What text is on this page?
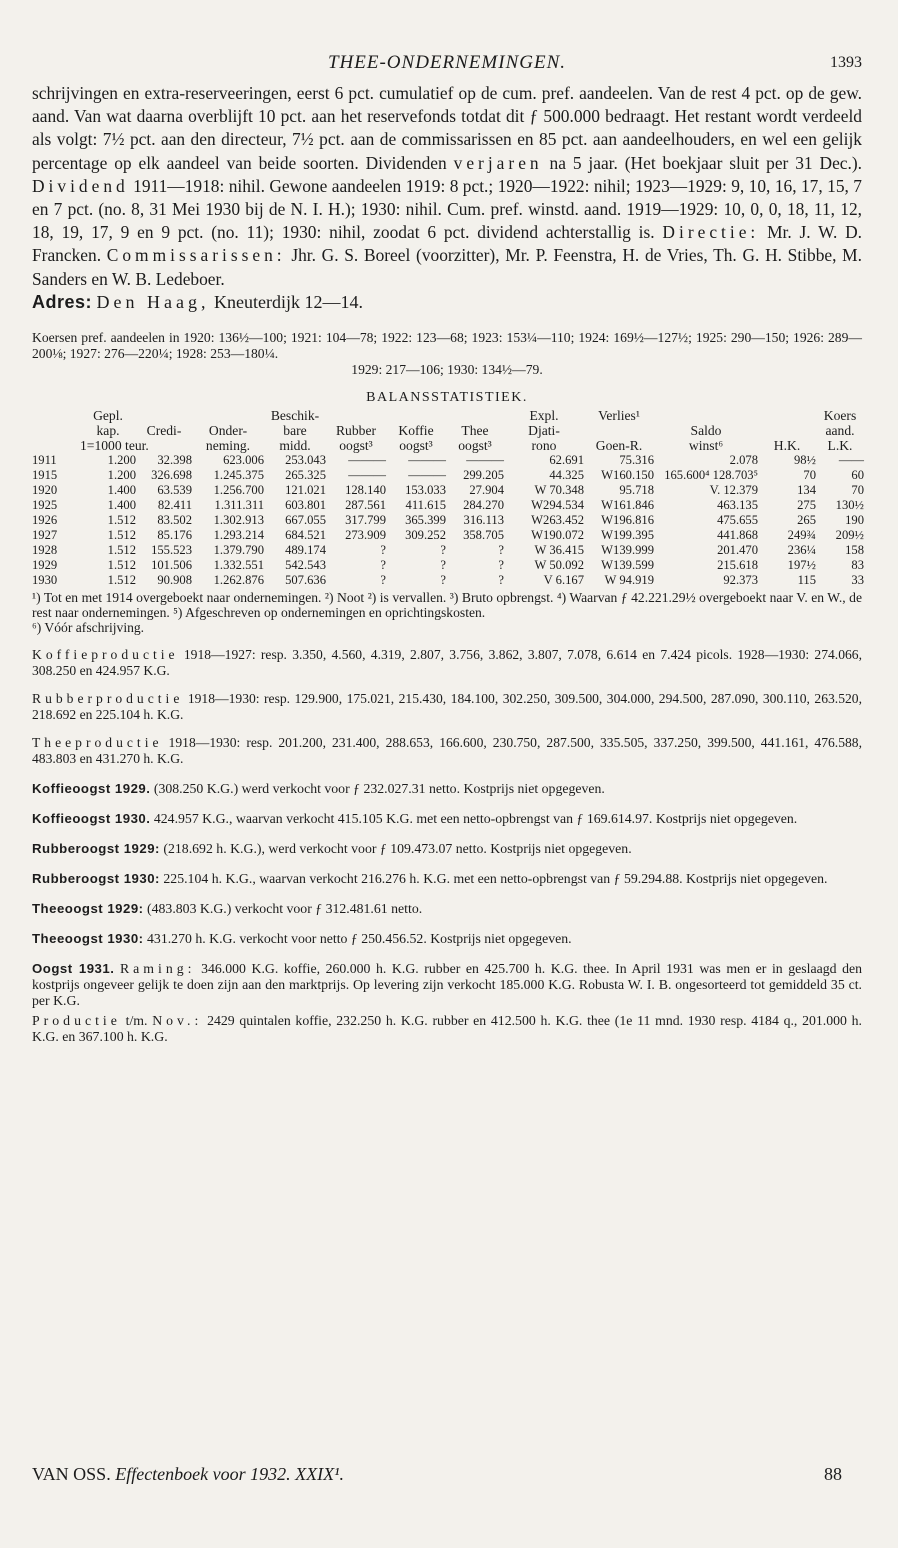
THEE-ONDERNEMINGEN.	1393

schrijvingen en extra-reserveeringen, eerst 6 pct. cumulatief op de cum. pref. aandeelen. Van de rest 4 pct. op de gew. aand. Van wat daarna overblijft 10 pct. aan het reservefonds totdat dit ƒ 500.000 bedraagt. Het restant wordt verdeeld als volgt: 7½ pct. aan den directeur, 7½ pct. aan de commissarissen en 85 pct. aan aandeelhouders, en wel een gelijk percentage op elk aandeel van beide soorten. Dividenden verjaren na 5 jaar. (Het boekjaar sluit per 31 Dec.). Dividend 1911—1918: nihil. Gewone aandeelen 1919: 8 pct.; 1920—1922: nihil; 1923—1929: 9, 10, 16, 17, 15, 7 en 7 pct. (no. 8, 31 Mei 1930 bij de N. I. H.); 1930: nihil. Cum. pref. winstd. aand. 1919—1929: 10, 0, 0, 18, 11, 12, 18, 19, 17, 9 en 9 pct. (no. 11); 1930: nihil, zoodat 6 pct. dividend achterstallig is. Directie: Mr. J. W. D. Francken. Commissarissen: Jhr. G. S. Boreel (voorzitter), Mr. P. Feenstra, H. de Vries, Th. G. H. Stibbe, M. Sanders en W. B. Ledeboer.

Adres: Den Haag, Kneuterdijk 12—14.

Koersen pref. aandeelen in 1920: 136½—100; 1921: 104—78; 1922: 123—68; 1923: 153¼—110; 1924: 169½—127½; 1925: 290—150; 1926: 289—200⅛; 1927: 276—220¼; 1928: 253—180¼.
1929: 217—106; 1930: 134½—79.
BALANSSTATISTIEK.
	Gepl.			Beschik-				Expl.	Verlies¹			Koers
	kap.	Credi-	Onder-	bare	Rubber	Koffie	Thee	Djati-		Saldo		aand.
	1=1000 teur.		neming.	midd.	oogst³	oogst³	oogst³	rono	Goen-R.	winst⁶	H.K.	L.K.
1911	1.200	32.398	623.006	253.043	———	———	———	62.691	75.316	2.078	98½	——
1915	1.200	326.698	1.245.375	265.325	———	———	299.205	44.325	W160.150	165.600⁴ 128.703⁵	70	60
1920	1.400	63.539	1.256.700	121.021	128.140	153.033	27.904	W 70.348	95.718	V. 12.379	134	70
1925	1.400	82.411	1.311.311	603.801	287.561	411.615	284.270	W294.534	W161.846	463.135	275	130½
1926	1.512	83.502	1.302.913	667.055	317.799	365.399	316.113	W263.452	W196.816	475.655	265	190
1927	1.512	85.176	1.293.214	684.521	273.909	309.252	358.705	W190.072	W199.395	441.868	249¾	209½
1928	1.512	155.523	1.379.790	489.174	?	?	?	W 36.415	W139.999	201.470	236¼	158
1929	1.512	101.506	1.332.551	542.543	?	?	?	W 50.092	W139.599	215.618	197½	83
1930	1.512	90.908	1.262.876	507.636	?	?	?	V 6.167	W 94.919	92.373	115	33

¹) Tot en met 1914 overgeboekt naar ondernemingen. ²) Noot ²) is vervallen. ³) Bruto opbrengst. ⁴) Waarvan ƒ 42.221.29½ overgeboekt naar V. en W., de rest naar ondernemingen. ⁵) Afgeschreven op ondernemingen en oprichtingskosten.

⁶) Vóór afschrijving.

Koffieproductie 1918—1927: resp. 3.350, 4.560, 4.319, 2.807, 3.756, 3.862, 3.807, 7.078, 6.614 en 7.424 picols. 1928—1930: 274.066, 308.250 en 424.957 K.G.

Rubberproductie 1918—1930: resp. 129.900, 175.021, 215.430, 184.100, 302.250, 309.500, 304.000, 294.500, 287.090, 300.110, 263.520, 218.692 en 225.104 h. K.G.

Theeproductie 1918—1930: resp. 201.200, 231.400, 288.653, 166.600, 230.750, 287.500, 335.505, 337.250, 399.500, 441.161, 476.588, 483.803 en 431.270 h. K.G.

Koffieoogst 1929. (308.250 K.G.) werd verkocht voor ƒ 232.027.31 netto. Kostprijs niet opgegeven.

Koffieoogst 1930. 424.957 K.G., waarvan verkocht 415.105 K.G. met een netto-opbrengst van ƒ 169.614.97. Kostprijs niet opgegeven.

Rubberoogst 1929: (218.692 h. K.G.), werd verkocht voor ƒ 109.473.07 netto. Kostprijs niet opgegeven.

Rubberoogst 1930: 225.104 h. K.G., waarvan verkocht 216.276 h. K.G. met een netto-opbrengst van ƒ 59.294.88. Kostprijs niet opgegeven.

Theeoogst 1929: (483.803 K.G.) verkocht voor ƒ 312.481.61 netto.

Theeoogst 1930: 431.270 h. K.G. verkocht voor netto ƒ 250.456.52. Kostprijs niet opgegeven.

Oogst 1931. Raming: 346.000 K.G. koffie, 260.000 h. K.G. rubber en 425.700 h. K.G. thee. In April 1931 was men er in geslaagd den kostprijs ongeveer gelijk te doen zijn aan den marktprijs. Op levering zijn verkocht 185.000 K.G. Robusta W. I. B. ongesorteerd tot gemiddeld 35 ct. per K.G.

Productie t/m. Nov.: 2429 quintalen koffie, 232.250 h. K.G. rubber en 412.500 h. K.G. thee (1e 11 mnd. 1930 resp. 4184 q., 201.000 h. K.G. en 367.100 h. K.G.

VAN OSS. Effectenboek voor 1932. XXIX¹.	88
